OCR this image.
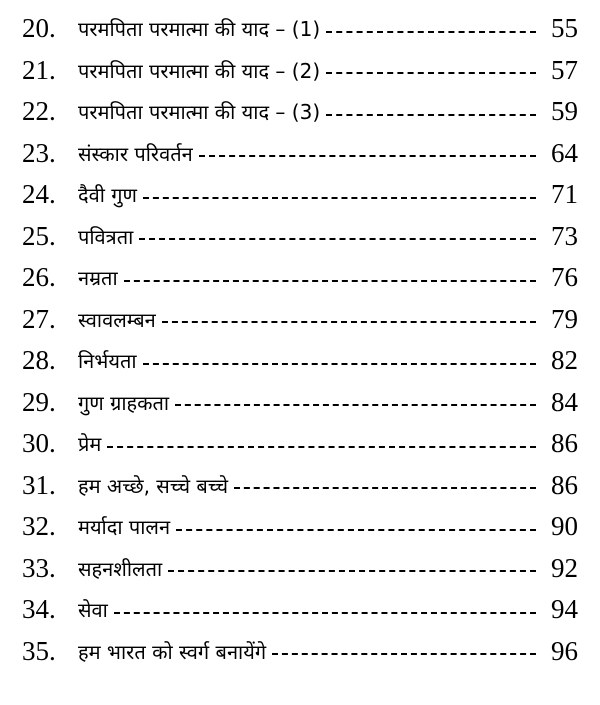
20.	परमपिता परमात्मा की याद – (1)	55
21.	परमपिता परमात्मा की याद – (2)	57
22.	परमपिता परमात्मा की याद – (3)	59
23.	संस्कार परिवर्तन	64
24.	दैवी गुण	71
25.	पवित्रता	73
26.	नम्रता	76
27.	स्वावलम्बन	79
28.	निर्भयता	82
29.	गुण ग्राहकता	84
30.	प्रेम	86
31.	हम अच्छे, सच्चे बच्चे	86
32.	मर्यादा पालन	90
33.	सहनशीलता	92
34.	सेवा	94
35.	हम भारत को स्वर्ग बनायेंगे	96
